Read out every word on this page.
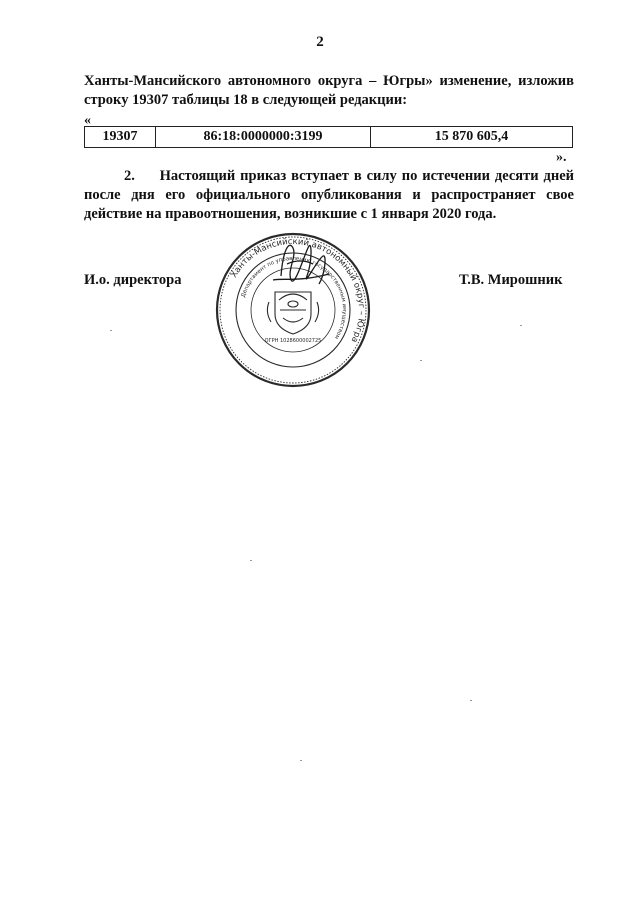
2
Ханты-Мансийского автономного округа – Югры» изменение, изложив строку 19307 таблицы 18 в следующей редакции:
«
19307	86:18:0000000:3199	15 870 605,4
».
2. Настоящий приказ вступает в силу по истечении десяти дней после дня его официального опубликования и распространяет свое действие на правоотношения, возникшие с 1 января 2020 года.
И.о. директора	Т.В. Мирошник
Ханты-Мансийский автономный округ – Югра
Департамент по управлению государственным имуществом
ОГРН 1028600002725
